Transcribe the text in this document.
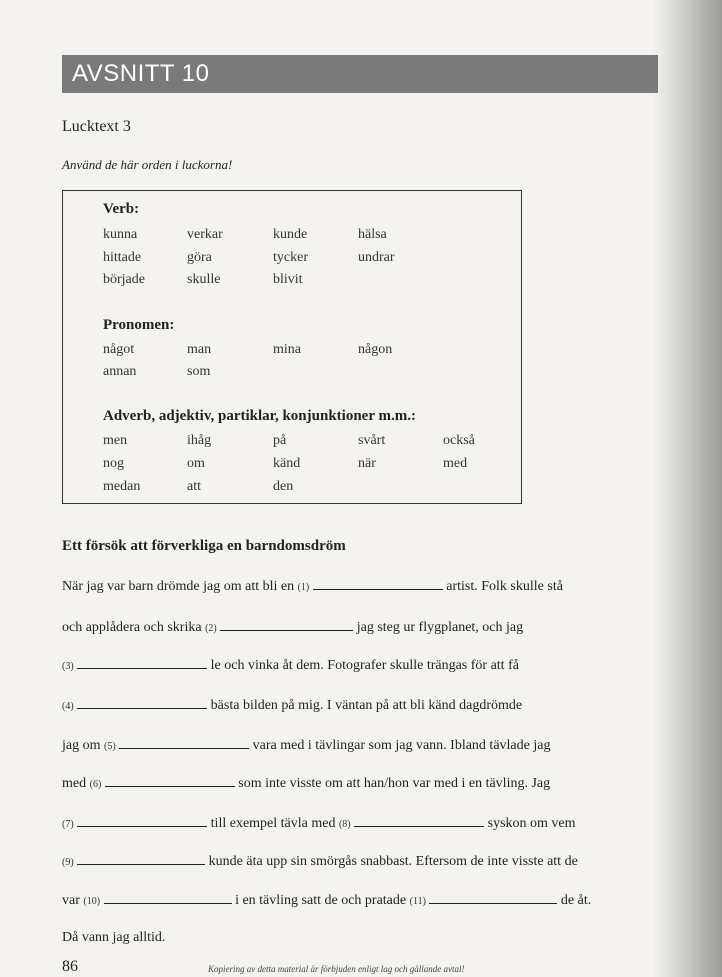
AVSNITT 10
Lucktext 3
Använd de här orden i luckorna!
Verb:
kunna	verkar	kunde	hälsa
hittade	göra	tycker	undrar
började	skulle	blivit
Pronomen:
något	man	mina	någon
annan	som
Adverb, adjektiv, partiklar, konjunktioner m.m.:
men	ihåg	på	svårt	också
nog	om	känd	när	med
medan	att	den
Ett försök att förverkliga en barndomsdröm
När jag var barn drömde jag om att bli en (1)	artist. Folk skulle stå
och applådera och skrika (2)	jag steg ur flygplanet, och jag
(3)	le och vinka åt dem. Fotografer skulle trängas för att få
(4)	bästa bilden på mig. I väntan på att bli känd dagdrömde
jag om (5)	vara med i tävlingar som jag vann. Ibland tävlade jag
med (6)	som inte visste om att han/hon var med i en tävling. Jag
(7)	till exempel tävla med (8)	syskon om vem
(9)	kunde äta upp sin smörgås snabbast. Eftersom de inte visste att de
var (10)	i en tävling satt de och pratade (11)	de åt.
Då vann jag alltid.
86	Kopiering av detta material är förbjuden enligt lag och gällande avtal!
